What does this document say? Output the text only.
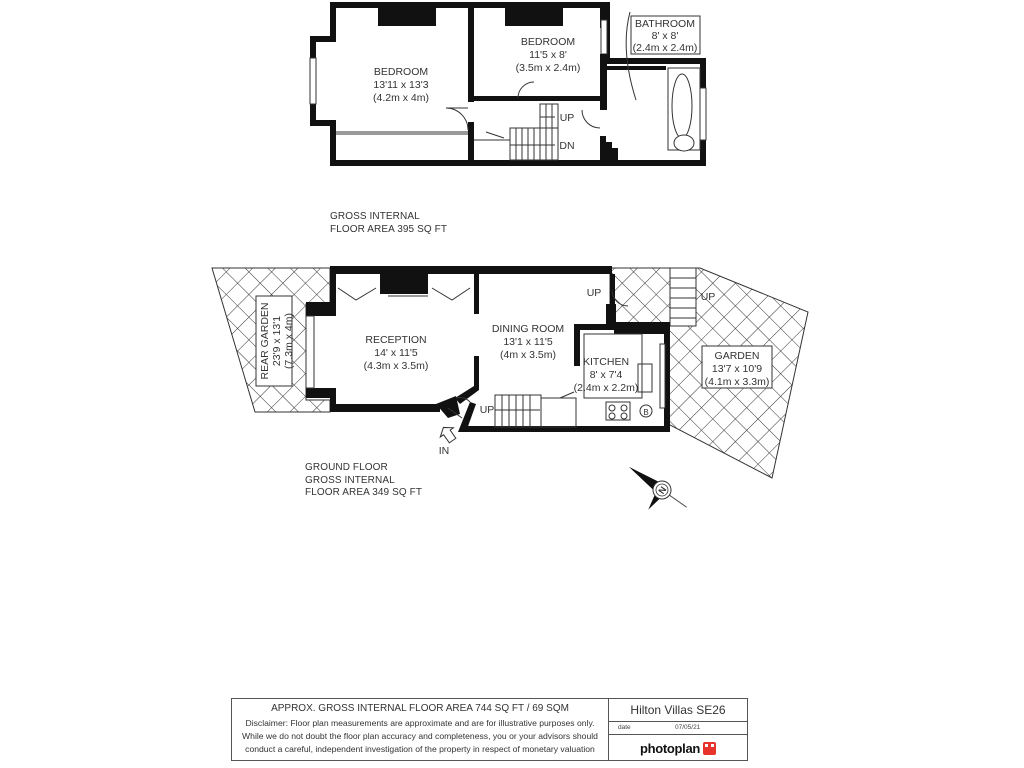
BEDROOM
13'11 x 13'3
(4.2m x 4m)
BEDROOM
11'5 x 8'
(3.5m x 2.4m)
BATHROOM
8' x 8'
(2.4m x 2.4m)
UP
DN
RECEPTION
14' x 11'5
(4.3m x 3.5m)
DINING ROOM
13'1 x 11'5
(4m x 3.5m)
KITCHEN
8' x 7'4
(2.4m x 2.2m)
GARDEN
13'7 x 10'9
(4.1m x 3.3m)
REAR GARDEN 23'9 x 13'1 (7.3m x 4m)
UP	UP
UP
IN
B
N
GROSS INTERNAL
FLOOR AREA 395 SQ FT
GROUND FLOOR
GROSS INTERNAL
FLOOR AREA 349 SQ FT
APPROX. GROSS INTERNAL FLOOR AREA 744 SQ FT / 69 SQM
Disclaimer: Floor plan measurements are approximate and are for illustrative purposes only.
While we do not doubt the floor plan accuracy and completeness, you or your advisors should
conduct a careful, independent investigation of the property in respect of monetary valuation
Hilton Villas SE26
date	07/05/21
photoplan
